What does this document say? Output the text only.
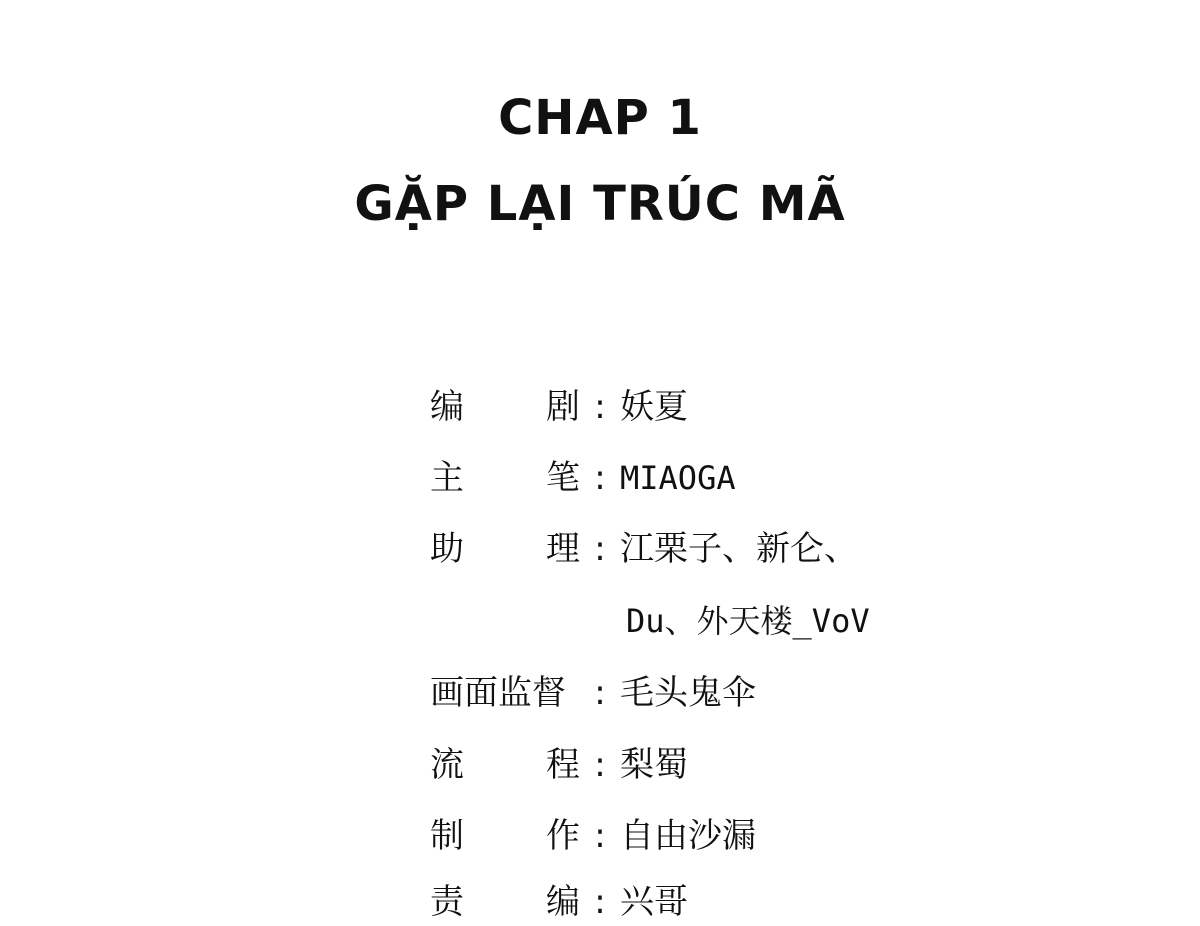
CHAP 1
GẶP LẠI TRÚC MÃ
编 剧 : 妖夏
主 笔 : MIAOGA
助 理 : 江栗子、新仑、
Du、外天楼_VoV
画面监督 : 毛头鬼伞
流 程 : 梨蜀
制 作 : 自由沙漏
责 编 : 兴哥
